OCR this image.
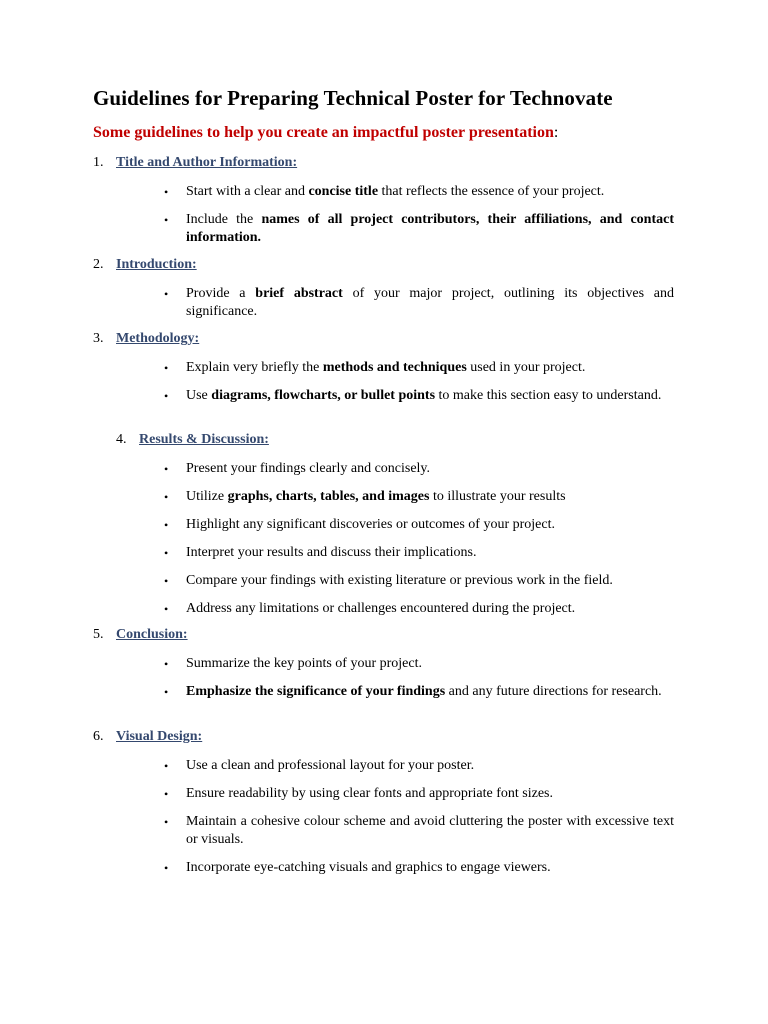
Guidelines for Preparing Technical Poster for Technovate
Some guidelines to help you create an impactful poster presentation:
1. Title and Author Information:
• Start with a clear and concise title that reflects the essence of your project.
• Include the names of all project contributors, their affiliations, and contact information.
2. Introduction:
• Provide a brief abstract of your major project, outlining its objectives and significance.
3. Methodology:
• Explain very briefly the methods and techniques used in your project.
• Use diagrams, flowcharts, or bullet points to make this section easy to understand.
4. Results & Discussion:
• Present your findings clearly and concisely.
• Utilize graphs, charts, tables, and images to illustrate your results
• Highlight any significant discoveries or outcomes of your project.
• Interpret your results and discuss their implications.
• Compare your findings with existing literature or previous work in the field.
• Address any limitations or challenges encountered during the project.
5. Conclusion:
• Summarize the key points of your project.
• Emphasize the significance of your findings and any future directions for research.
6. Visual Design:
• Use a clean and professional layout for your poster.
• Ensure readability by using clear fonts and appropriate font sizes.
• Maintain a cohesive colour scheme and avoid cluttering the poster with excessive text or visuals.
• Incorporate eye-catching visuals and graphics to engage viewers.
